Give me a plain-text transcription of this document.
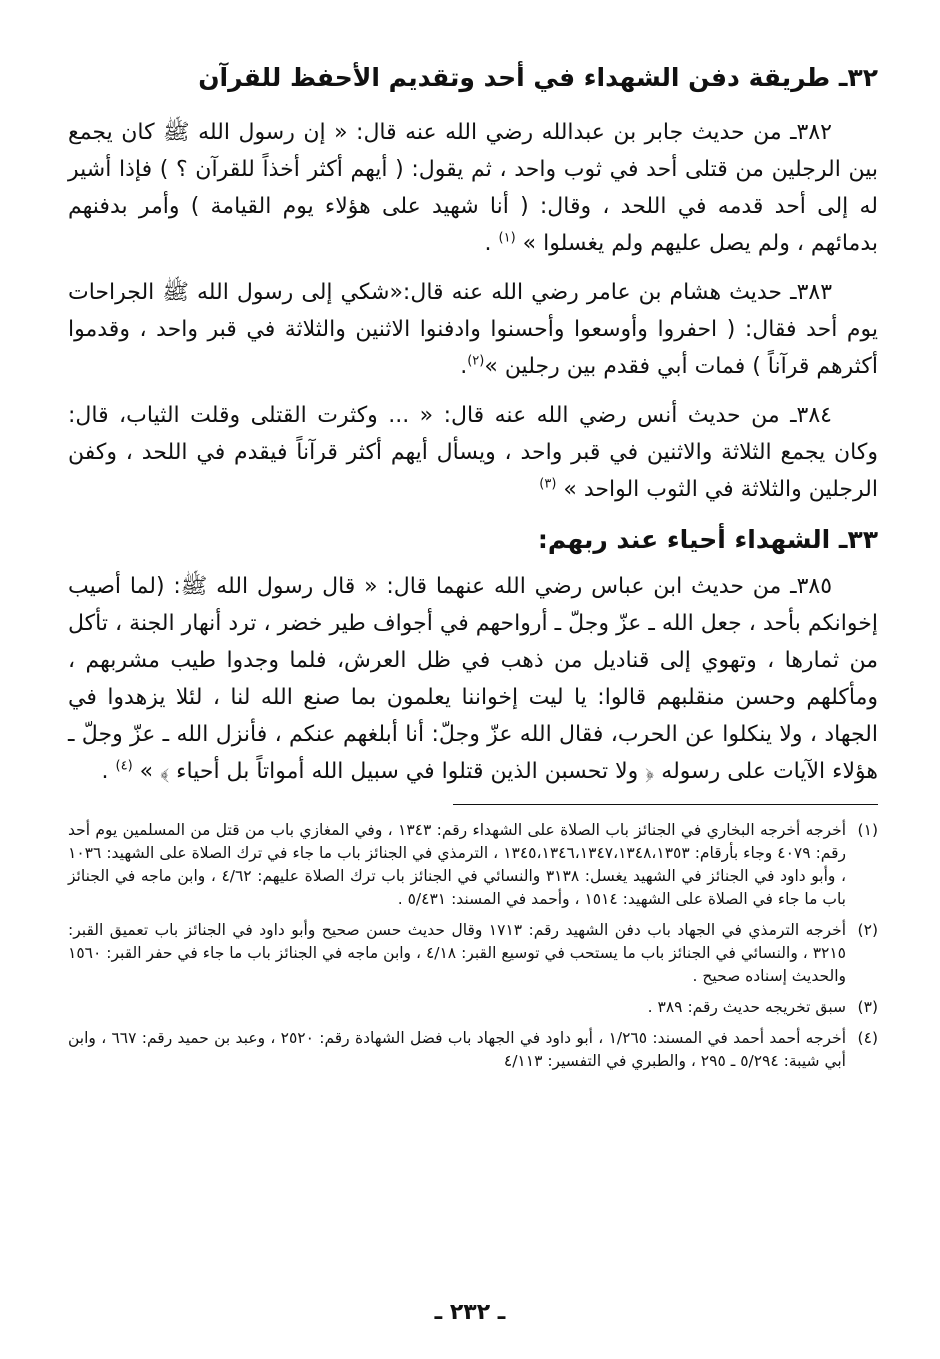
٣٢ـ طريقة دفن الشهداء في أحد وتقديم الأحفظ للقرآن

٣٨٢ـ من حديث جابر بن عبدالله رضي الله عنه قال: « إن رسول الله ﷺ كان يجمع بين الرجلين من قتلى أحد في ثوب واحد ، ثم يقول: ( أيهم أكثر أخذاً للقرآن ؟ ) فإذا أشير له إلى أحد قدمه في اللحد ، وقال: ( أنا شهيد على هؤلاء يوم القيامة ) وأمر بدفنهم بدمائهم ، ولم يصل عليهم ولم يغسلوا » $^{(١)}$ .

٣٨٣ـ حديث هشام بن عامر رضي الله عنه قال:«شكي إلى رسول الله ﷺ الجراحات يوم أحد فقال: ( احفروا وأوسعوا وأحسنوا وادفنوا الاثنين والثلاثة في قبر واحد ، وقدموا أكثرهم قرآناً ) فمات أبي فقدم بين رجلين »$^{(٢)}$.

٣٨٤ـ من حديث أنس رضي الله عنه قال: « ... وكثرت القتلى وقلت الثياب، قال: وكان يجمع الثلاثة والاثنين في قبر واحد ، ويسأل أيهم أكثر قرآناً فيقدم في اللحد ، وكفن الرجلين والثلاثة في الثوب الواحد » $^{(٣)}$

٣٣ـ الشهداء أحياء عند ربهم:

٣٨٥ـ من حديث ابن عباس رضي الله عنهما قال: « قال رسول الله ﷺ: (لما أصيب إخوانكم بأحد ، جعل الله ـ عزّ وجلّ ـ أرواحهم في أجواف طير خضر ، ترد أنهار الجنة ، تأكل من ثمارها ، وتهوي إلى قناديل من ذهب في ظل العرش، فلما وجدوا طيب مشربهم ، ومأكلهم وحسن منقلبهم قالوا: يا ليت إخواننا يعلمون بما صنع الله لنا ، لئلا يزهدوا في الجهاد ، ولا ينكلوا عن الحرب، فقال الله عزّ وجلّ: أنا أبلغهم عنكم ، فأنزل الله ـ عزّ وجلّ ـ هؤلاء الآيات على رسوله ﴿ ولا تحسبن الذين قتلوا في سبيل الله أمواتاً بل أحياء ﴾ » $^{(٤)}$ .

(١)
أخرجه أخرجه البخاري في الجنائز باب الصلاة على الشهداء رقم: ١٣٤٣ ، وفي المغازي باب من قتل من المسلمين يوم أحد رقم: ٤٠٧٩ وجاء بأرقام: ١٣٤٥،١٣٤٦،١٣٤٧،١٣٤٨،١٣٥٣ ، الترمذي في الجنائز باب ما جاء في ترك الصلاة على الشهيد: ١٠٣٦ ، وأبو داود في الجنائز في الشهيد يغسل: ٣١٣٨ والنسائي في الجنائز باب ترك الصلاة عليهم: ٤/٦٢ ، وابن ماجه في الجنائز باب ما جاء في الصلاة على الشهيد: ١٥١٤ ، وأحمد في المسند: ٥/٤٣١ .
(٢)
أخرجه الترمذي في الجهاد باب دفن الشهيد رقم: ١٧١٣ وقال حديث حسن صحيح وأبو داود في الجنائز باب تعميق القبر: ٣٢١٥ ، والنسائي في الجنائز باب ما يستحب في توسيع القبر: ٤/١٨ ، وابن ماجه في الجنائز باب ما جاء في حفر القبر: ١٥٦٠ والحديث إسناده صحيح .
(٣)
سبق تخريجه حديث رقم: ٣٨٩ .
(٤)
أخرجه أحمد أحمد في المسند: ١/٢٦٥ ، أبو داود في الجهاد باب فضل الشهادة رقم: ٢٥٢٠ ، وعبد بن حميد رقم: ٦٦٧ ، وابن أبي شيبة: ٥/٢٩٤ ـ ٢٩٥ ، والطبري في التفسير: ٤/١١٣
ـ ٢٣٢ ـ
